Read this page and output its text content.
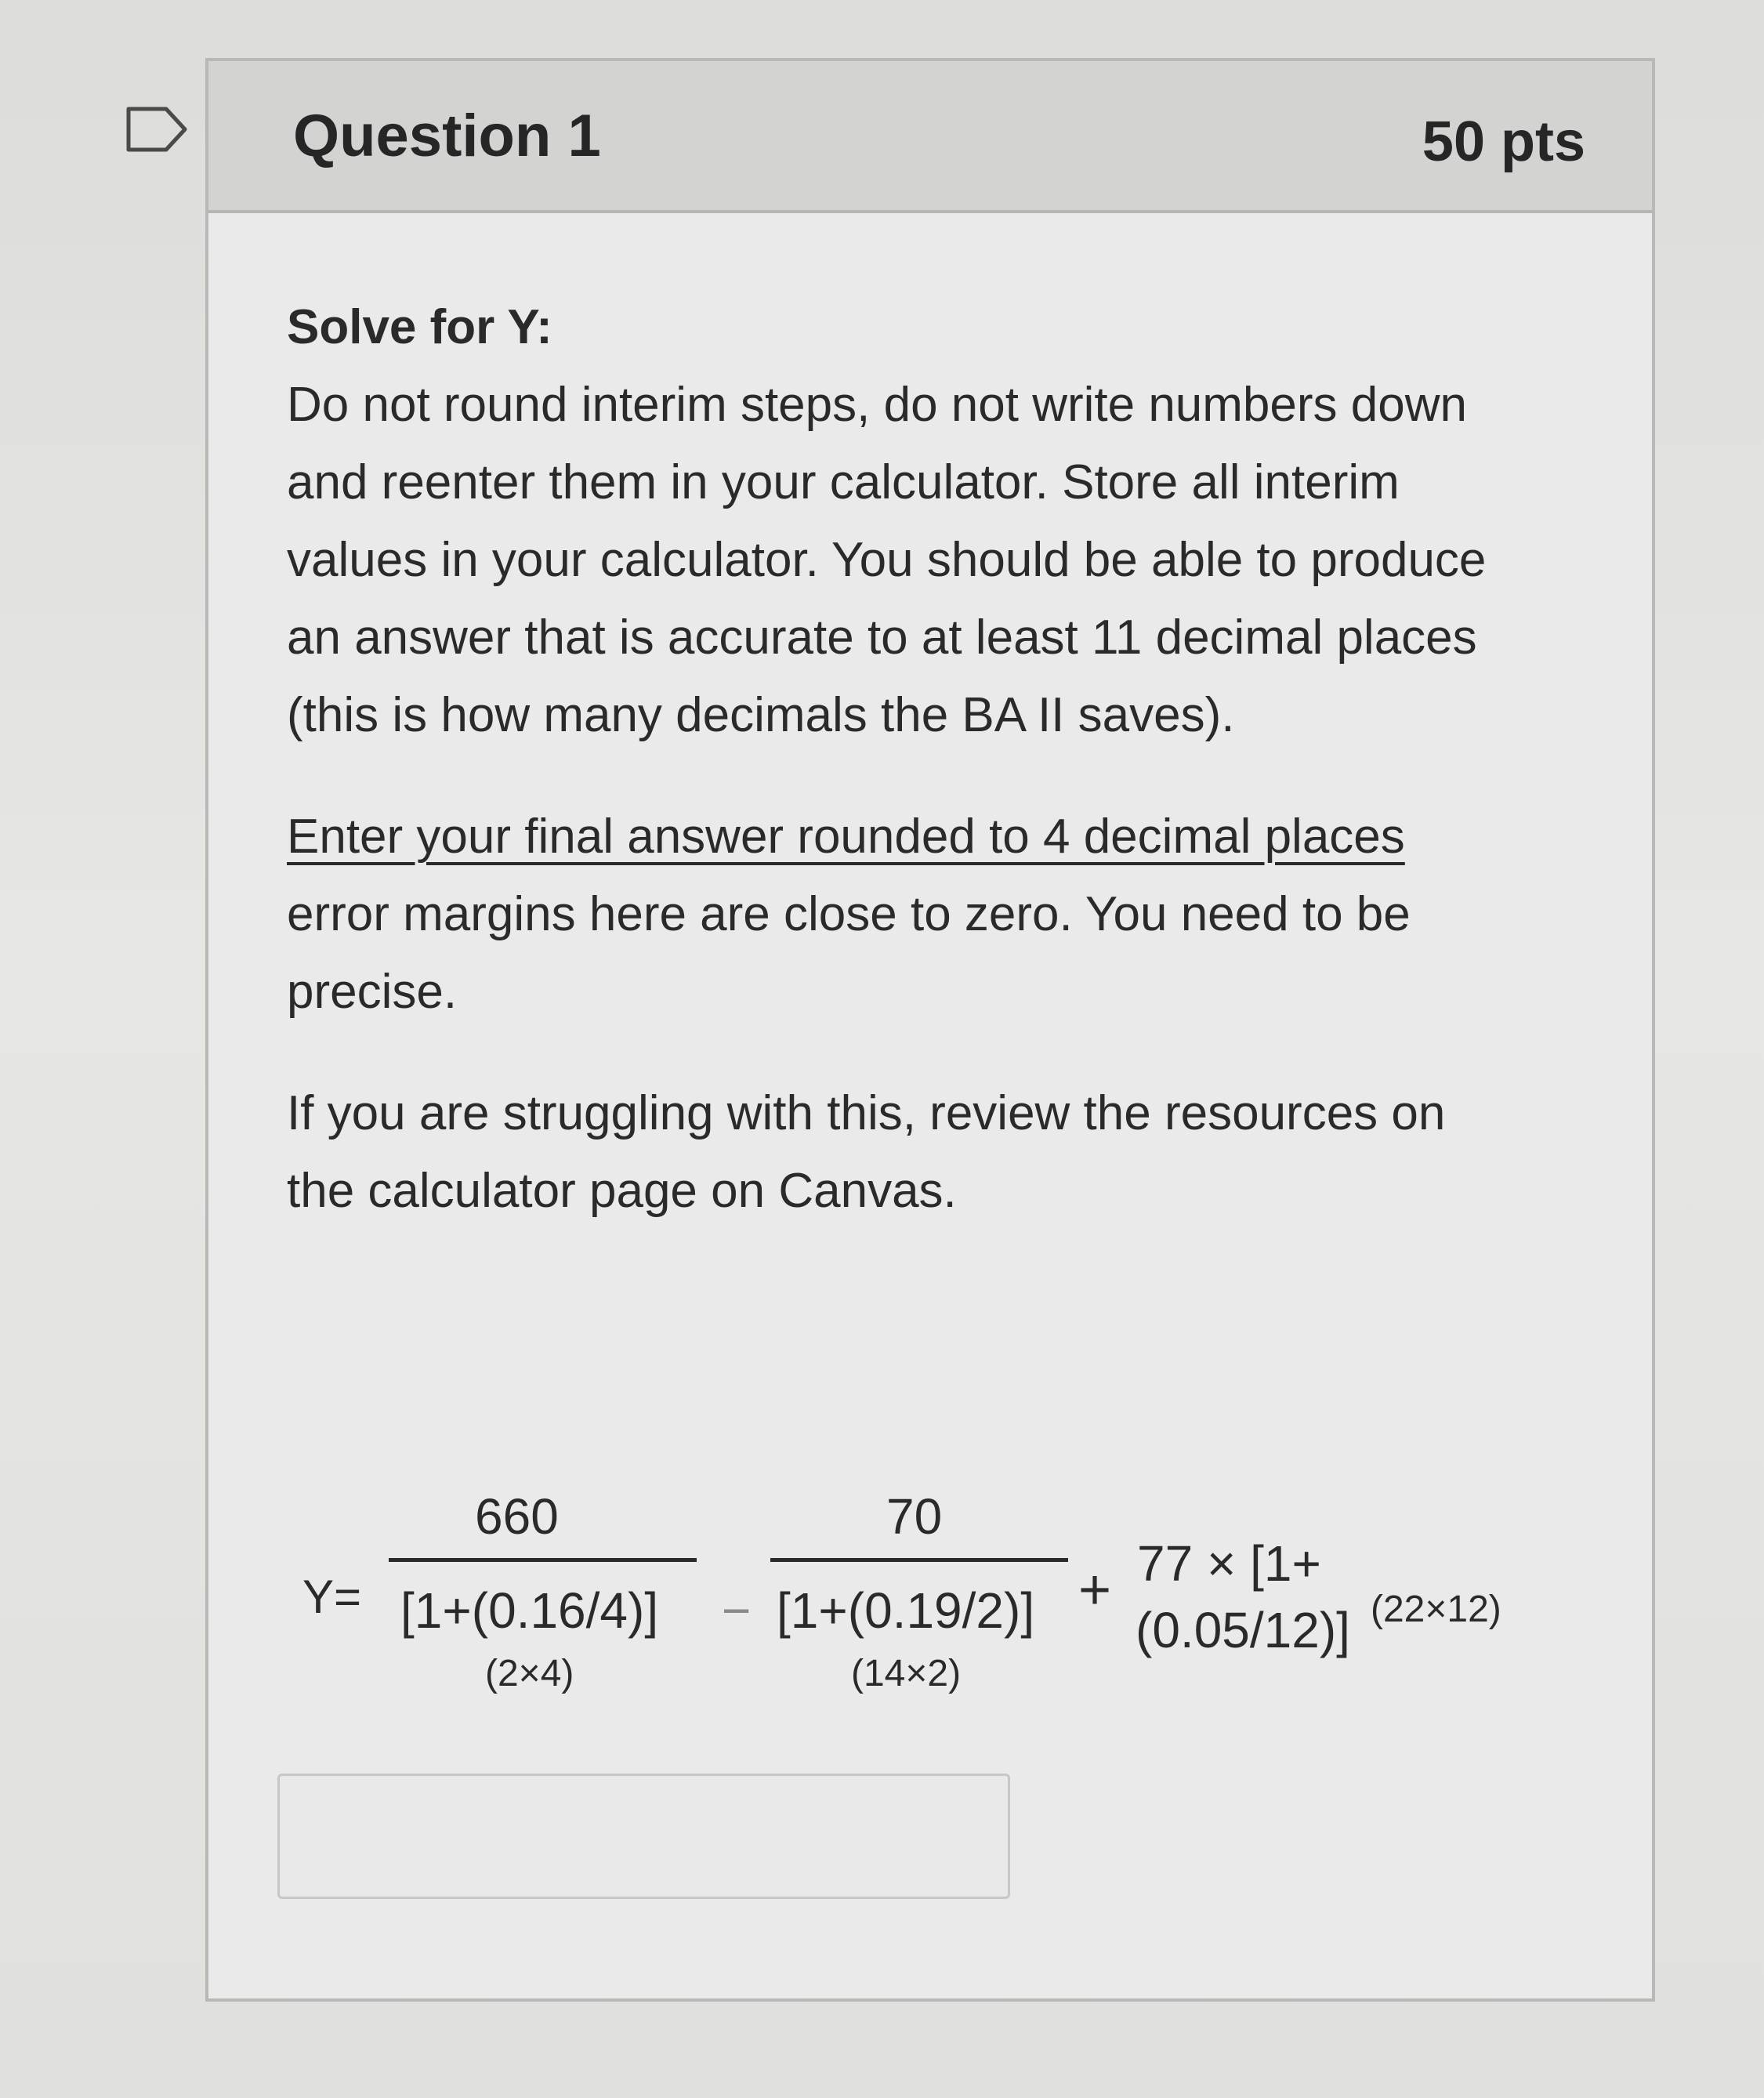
Question 1	50 pts

Solve for Y:

Do not round interim steps, do not write numbers down

and reenter them in your calculator. Store all interim

values in your calculator. You should be able to produce

an answer that is accurate to at least 11 decimal places

(this is how many decimals the BA II saves).

Enter your final answer rounded to 4 decimal places

error margins here are close to zero. You need to be

precise.

If you are struggling with this, review the resources on

the calculator page on Canvas.

Y=
660
[1+(0.16/4)]
(2×4)
−
70
[1+(0.19/2)]
(14×2)
+ 77 × [1+
(0.05/12)] (22×12)
